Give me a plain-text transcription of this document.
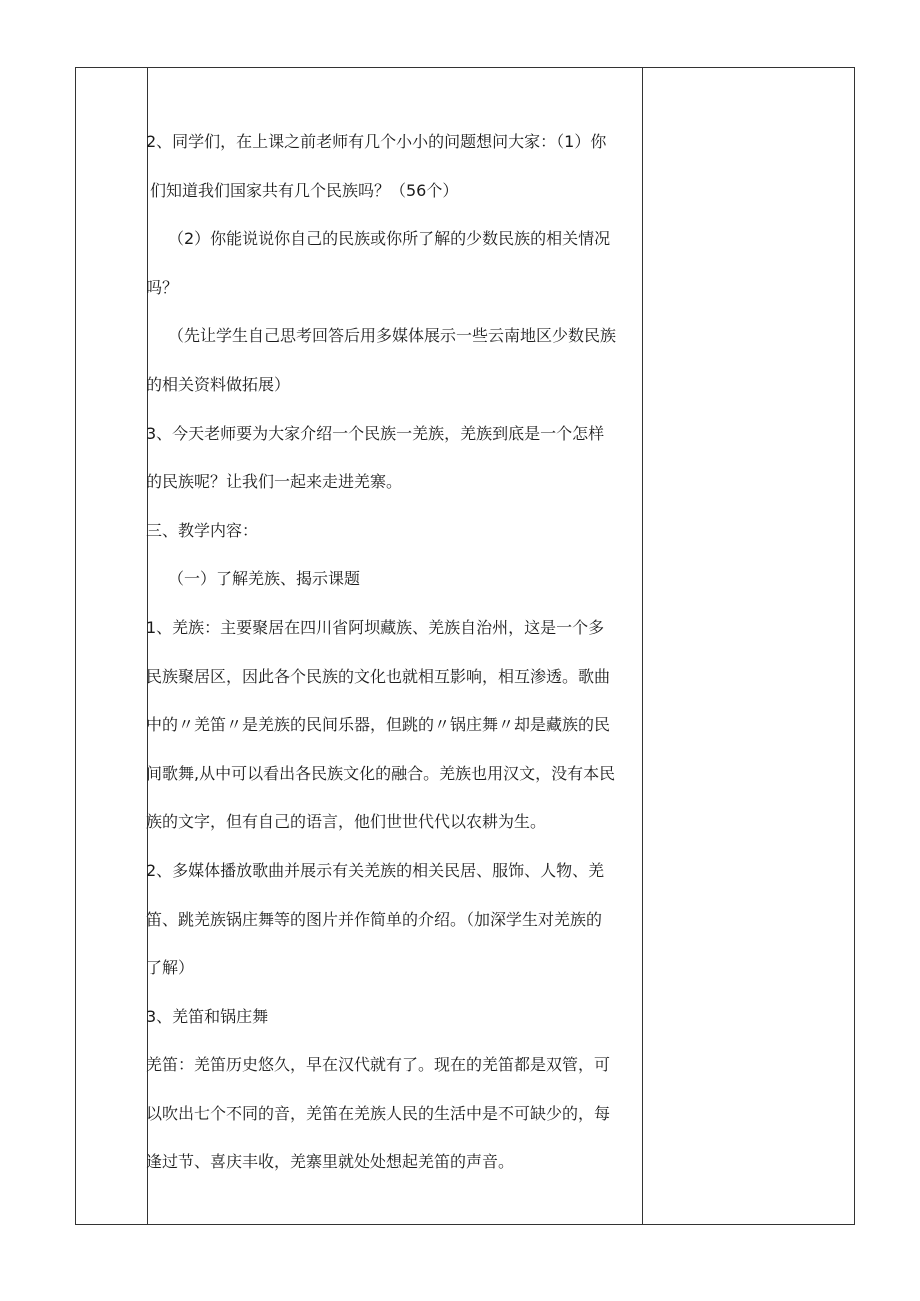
2、同学们，在上课之前老师有几个小小的问题想问大家：（1）你
们知道我们国家共有几个民族吗？（56个）
（2）你能说说你自己的民族或你所了解的少数民族的相关情况
吗？
（先让学生自己思考回答后用多媒体展示一些云南地区少数民族
的相关资料做拓展）
3、今天老师要为大家介绍一个民族一羌族，羌族到底是一个怎样
的民族呢？让我们一起来走进羌寨。
三、教学内容：
（一）了解羌族、揭示课题
1、羌族：主要聚居在四川省阿坝藏族、羌族自治州，这是一个多
民族聚居区，因此各个民族的文化也就相互影响，相互渗透。歌曲
中的〃羌笛〃是羌族的民间乐器，但跳的〃锅庄舞〃却是藏族的民
间歌舞,从中可以看出各民族文化的融合。羌族也用汉文，没有本民
族的文字，但有自己的语言，他们世世代代以农耕为生。
2、多媒体播放歌曲并展示有关羌族的相关民居、服饰、人物、羌
笛、跳羌族锅庄舞等的图片并作简单的介绍。（加深学生对羌族的
了解）
3、羌笛和锅庄舞
羌笛：羌笛历史悠久，早在汉代就有了。现在的羌笛都是双管，可
以吹出七个不同的音，羌笛在羌族人民的生活中是不可缺少的，每
逢过节、喜庆丰收，羌寨里就处处想起羌笛的声音。
